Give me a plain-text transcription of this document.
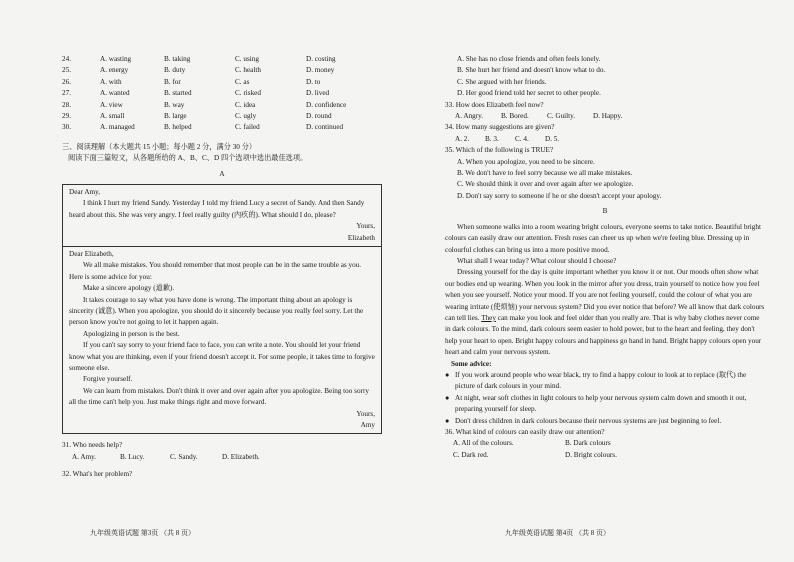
24.	A. wasting	B. taking	C. using	D. costing
25.	A. energy	B. duty	C. health	D. money
26.	A. with	B. for	C. as	D. to
27.	A. wanted	B. started	C. risked	D. lived
28.	A. view	B. way	C. idea	D. confidence
29.	A. small	B. large	C. ugly	D. round
30.	A. managed	B. helped	C. failed	D. continued
三、阅读理解（本大题共 15 小题；每小题 2 分，满分 30 分）
阅读下面三篇短文，从各题所给的 A、B、C、D 四个选项中选出最佳选项。
A

Dear Amy,

I think I hurt my friend Sandy. Yesterday I told my friend Lucy a secret of Sandy. And then Sandy heard about this. She was very angry. I feel really guilty (内疚的). What should I do, please?

Yours,

Elizabeth

Dear Elizabeth,

We all make mistakes. You should remember that most people can be in the same trouble as you. Here is some advice for you:

Make a sincere apology (道歉).

It takes courage to say what you have done is wrong. The important thing about an apology is sincerity (诚意). When you apologize, you should do it sincerely because you really feel sorry. Let the person know you're not going to let it happen again.

Apologizing in person is the best.

If you can't say sorry to your friend face to face, you can write a note. You should let your friend know what you are thinking, even if your friend doesn't accept it. For some people, it takes time to forgive someone else.

Forgive yourself.

We can learn from mistakes. Don't think it over and over again after you apologize. Being too sorry all the time can't help you. Just make things right and move forward.

Yours,

Amy

31. Who needs help?
A. Amy.	B. Lucy.	C. Sandy.	D. Elizabeth.
32. What's her problem?
九年级英语试题 第3页 （共 8 页）
A. She has no close friends and often feels lonely.
B. She hurt her friend and doesn't know what to do.
C. She argued with her friends.
D. Her good friend told her secret to other people.
33. How does Elizabeth feel now?
A. Angry.	B. Bored.	C. Guilty.	D. Happy.
34. How many suggestions are given?
A. 2.	B. 3.	C. 4.	D. 5.
35. Which of the following is TRUE?
A. When you apologize, you need to be sincere.
B. We don't have to feel sorry because we all make mistakes.
C. We should think it over and over again after we apologize.
D. Don't say sorry to someone if he or she doesn't accept your apology.
B

When someone walks into a room wearing bright colours, everyone seems to take notice. Beautiful bright colours can easily draw our attention. Fresh roses can cheer us up when we're feeling blue. Dressing up in colourful clothes can bring us into a more positive mood.

What shall I wear today? What colour should I choose?

Dressing yourself for the day is quite important whether you know it or not. Our moods often show what our bodies end up wearing. When you look in the mirror after you dress, train yourself to notice how you feel when you see yourself. Notice your mood. If you are not feeling yourself, could the colour of what you are wearing irritate (使烦恼) your nervous system? Did you ever notice that before? We all know that dark colours can tell lies. They can make you look and feel older than you really are. That is why baby clothes never come in dark colours. To the mind, dark colours seem easier to hold power, but to the heart and feeling, they don't help your heart to open. Bright happy colours and happiness go hand in hand. Bright happy colours open your heart and calm your nervous system.

Some advice:

● If you work around people who wear black, try to find a happy colour to look at to replace (取代) the picture of dark colours in your mind.
● At night, wear soft clothes in light colours to help your nervous system calm down and smooth it out, preparing yourself for sleep.
● Don't dress children in dark colours because their nervous systems are just beginning to feel.
36. What kind of colours can easily draw our attention?
A. All of the colours.	B. Dark colours
C. Dark red.	D. Bright colours.
九年级英语试题 第4页 （共 8 页）
